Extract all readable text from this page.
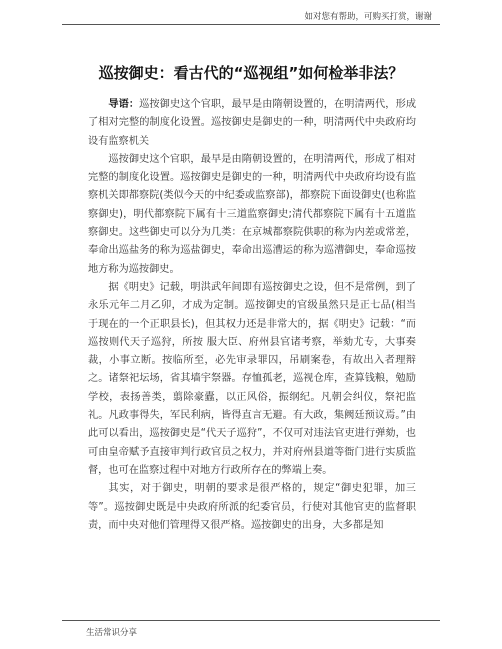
如对您有帮助，可购买打赏，谢谢
巡按御史：看古代的“巡视组”如何检举非法？

导语：巡按御史这个官职，最早是由隋朝设置的，在明清两代，形成了相对完整的制度化设置。巡按御史是御史的一种，明清两代中央政府均设有监察机关

巡按御史这个官职，最早是由隋朝设置的，在明清两代，形成了相对完整的制度化设置。巡按御史是御史的一种，明清两代中央政府均设有监察机关即都察院(类似今天的中纪委或监察部)，都察院下面设御史(也称监察御史)，明代都察院下属有十三道监察御史;清代都察院下属有十五道监察御史。这些御史可以分为几类：在京城都察院供职的称为内差或常差，奉命出巡盐务的称为巡盐御史，奉命出巡漕运的称为巡漕御史，奉命巡按地方称为巡按御史。

据《明史》记载，明洪武年间即有巡按御史之设，但不是常例，到了永乐元年二月乙卯，才成为定制。巡按御史的官级虽然只是正七品(相当于现在的一个正职县长)，但其权力还是非常大的，据《明史》记载：“而巡按则代天子巡狩，所按 服大臣、府州县官诸考察，举劾尤专，大事奏裁，小事立断。按临所至，必先审录罪囚，吊刷案卷，有故出入者理辩之。诸祭祀坛场，省其墙宇祭器。存恤孤老，巡视仓库，查算钱粮，勉励学校，表扬善类，翦除豪蠹，以正风俗，振纲纪。凡朝会纠仪，祭祀监礼。凡政事得失，军民利病，皆得直言无避。有大政，集阙廷预议焉。”由此可以看出，巡按御史是“代天子巡狩”，不仅可对违法官吏进行弹劾，也可由皇帝赋予直接审判行政官员之权力，并对府州县道等衙门进行实质监督，也可在监察过程中对地方行政所存在的弊端上奏。

其实，对于御史，明朝的要求是很严格的，规定“御史犯罪，加三等”。巡按御史既是中央政府所派的纪委官员，行使对其他官吏的监督职责，而中央对他们管理得又很严格。巡按御史的出身，大多都是知

生活常识分享
